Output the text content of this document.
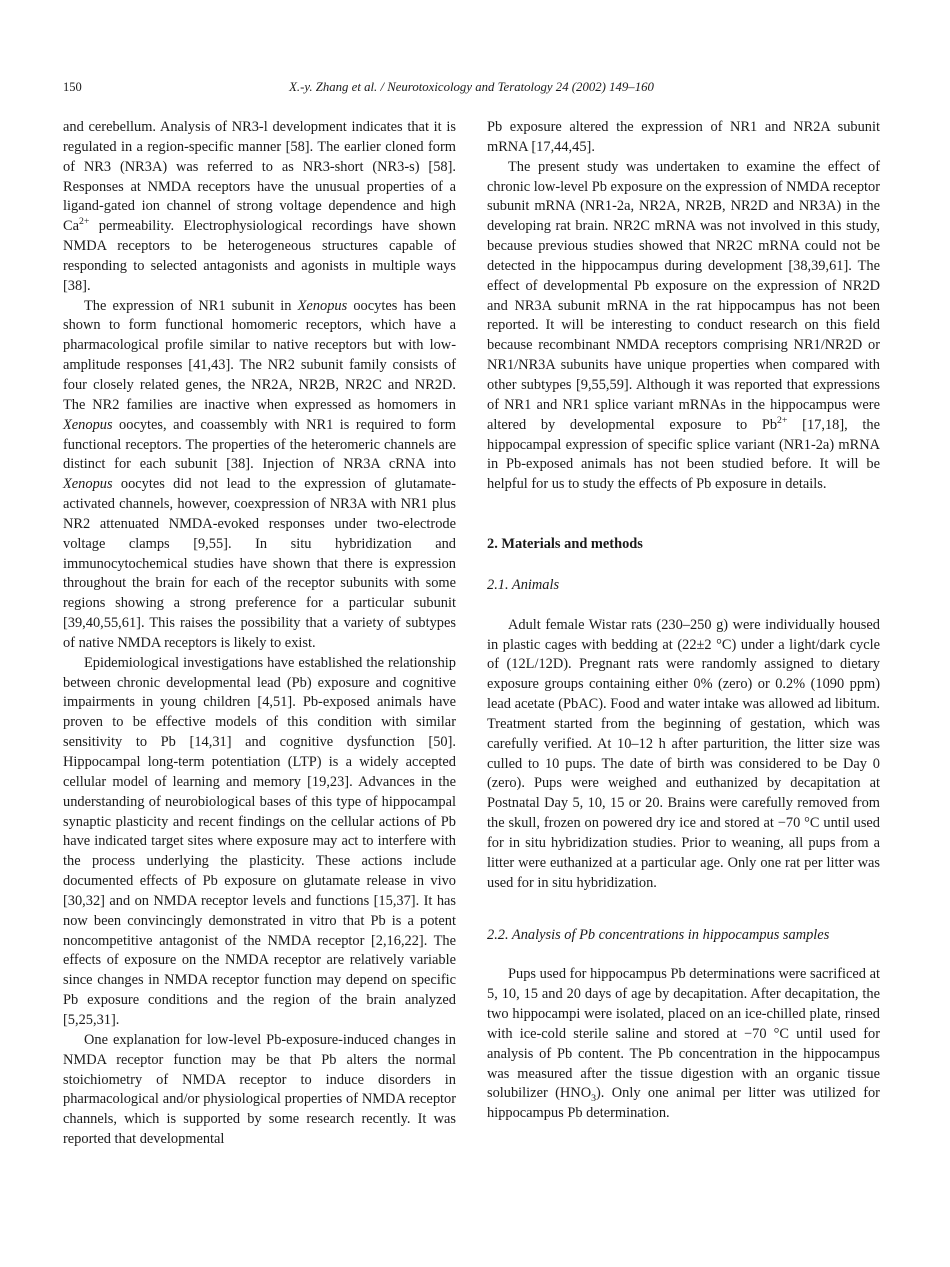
150	X.-y. Zhang et al. / Neurotoxicology and Teratology 24 (2002) 149–160

and cerebellum. Analysis of NR3-l development indicates that it is regulated in a region-specific manner [58]. The earlier cloned form of NR3 (NR3A) was referred to as NR3-short (NR3-s) [58]. Responses at NMDA receptors have the unusual properties of a ligand-gated ion channel of strong voltage dependence and high $Ca^{2+}$ permeability. Electrophysiological recordings have shown NMDA receptors to be heterogeneous structures capable of responding to selected antagonists and agonists in multiple ways [38].

The expression of NR1 subunit in Xenopus oocytes has been shown to form functional homomeric receptors, which have a pharmacological profile similar to native receptors but with low-amplitude responses [41,43]. The NR2 subunit family consists of four closely related genes, the NR2A, NR2B, NR2C and NR2D. The NR2 families are inactive when expressed as homomers in Xenopus oocytes, and coassembly with NR1 is required to form functional receptors. The properties of the heteromeric channels are distinct for each subunit [38]. Injection of NR3A cRNA into Xenopus oocytes did not lead to the expression of glutamate-activated channels, however, coexpression of NR3A with NR1 plus NR2 attenuated NMDA-evoked responses under two-electrode voltage clamps [9,55]. In situ hybridization and immunocytochemical studies have shown that there is expression throughout the brain for each of the receptor subunits with some regions showing a strong preference for a particular subunit [39,40,55,61]. This raises the possibility that a variety of subtypes of native NMDA receptors is likely to exist.

Epidemiological investigations have established the relationship between chronic developmental lead (Pb) exposure and cognitive impairments in young children [4,51]. Pb-exposed animals have proven to be effective models of this condition with similar sensitivity to Pb [14,31] and cognitive dysfunction [50]. Hippocampal long-term potentiation (LTP) is a widely accepted cellular model of learning and memory [19,23]. Advances in the understanding of neurobiological bases of this type of hippocampal synaptic plasticity and recent findings on the cellular actions of Pb have indicated target sites where exposure may act to interfere with the process underlying the plasticity. These actions include documented effects of Pb exposure on glutamate release in vivo [30,32] and on NMDA receptor levels and functions [15,37]. It has now been convincingly demonstrated in vitro that Pb is a potent noncompetitive antagonist of the NMDA receptor [2,16,22]. The effects of exposure on the NMDA receptor are relatively variable since changes in NMDA receptor function may depend on specific Pb exposure conditions and the region of the brain analyzed [5,25,31].

One explanation for low-level Pb-exposure-induced changes in NMDA receptor function may be that Pb alters the normal stoichiometry of NMDA receptor to induce disorders in pharmacological and/or physiological properties of NMDA receptor channels, which is supported by some research recently. It was reported that developmental

Pb exposure altered the expression of NR1 and NR2A subunit mRNA [17,44,45].

The present study was undertaken to examine the effect of chronic low-level Pb exposure on the expression of NMDA receptor subunit mRNA (NR1-2a, NR2A, NR2B, NR2D and NR3A) in the developing rat brain. NR2C mRNA was not involved in this study, because previous studies showed that NR2C mRNA could not be detected in the hippocampus during development [38,39,61]. The effect of developmental Pb exposure on the expression of NR2D and NR3A subunit mRNA in the rat hippocampus has not been reported. It will be interesting to conduct research on this field because recombinant NMDA receptors comprising NR1/NR2D or NR1/NR3A subunits have unique properties when compared with other subtypes [9,55,59]. Although it was reported that expressions of NR1 and NR1 splice variant mRNAs in the hippocampus were altered by developmental exposure to $Pb^{2+}$ [17,18], the hippocampal expression of specific splice variant (NR1-2a) mRNA in Pb-exposed animals has not been studied before. It will be helpful for us to study the effects of Pb exposure in details.

2. Materials and methods
2.1. Animals

Adult female Wistar rats (230–250 g) were individually housed in plastic cages with bedding at (22±2 °C) under a light/dark cycle of (12L/12D). Pregnant rats were randomly assigned to dietary exposure groups containing either 0% (zero) or 0.2% (1090 ppm) lead acetate (PbAC). Food and water intake was allowed ad libitum. Treatment started from the beginning of gestation, which was carefully verified. At 10–12 h after parturition, the litter size was culled to 10 pups. The date of birth was considered to be Day 0 (zero). Pups were weighed and euthanized by decapitation at Postnatal Day 5, 10, 15 or 20. Brains were carefully removed from the skull, frozen on powered dry ice and stored at −70 °C until used for in situ hybridization studies. Prior to weaning, all pups from a litter were euthanized at a particular age. Only one rat per litter was used for in situ hybridization.

2.2. Analysis of Pb concentrations in hippocampus samples

Pups used for hippocampus Pb determinations were sacrificed at 5, 10, 15 and 20 days of age by decapitation. After decapitation, the two hippocampi were isolated, placed on an ice-chilled plate, rinsed with ice-cold sterile saline and stored at −70 °C until used for analysis of Pb content. The Pb concentration in the hippocampus was measured after the tissue digestion with an organic tissue solubilizer $(HNO_3)$. Only one animal per litter was utilized for hippocampus Pb determination.
